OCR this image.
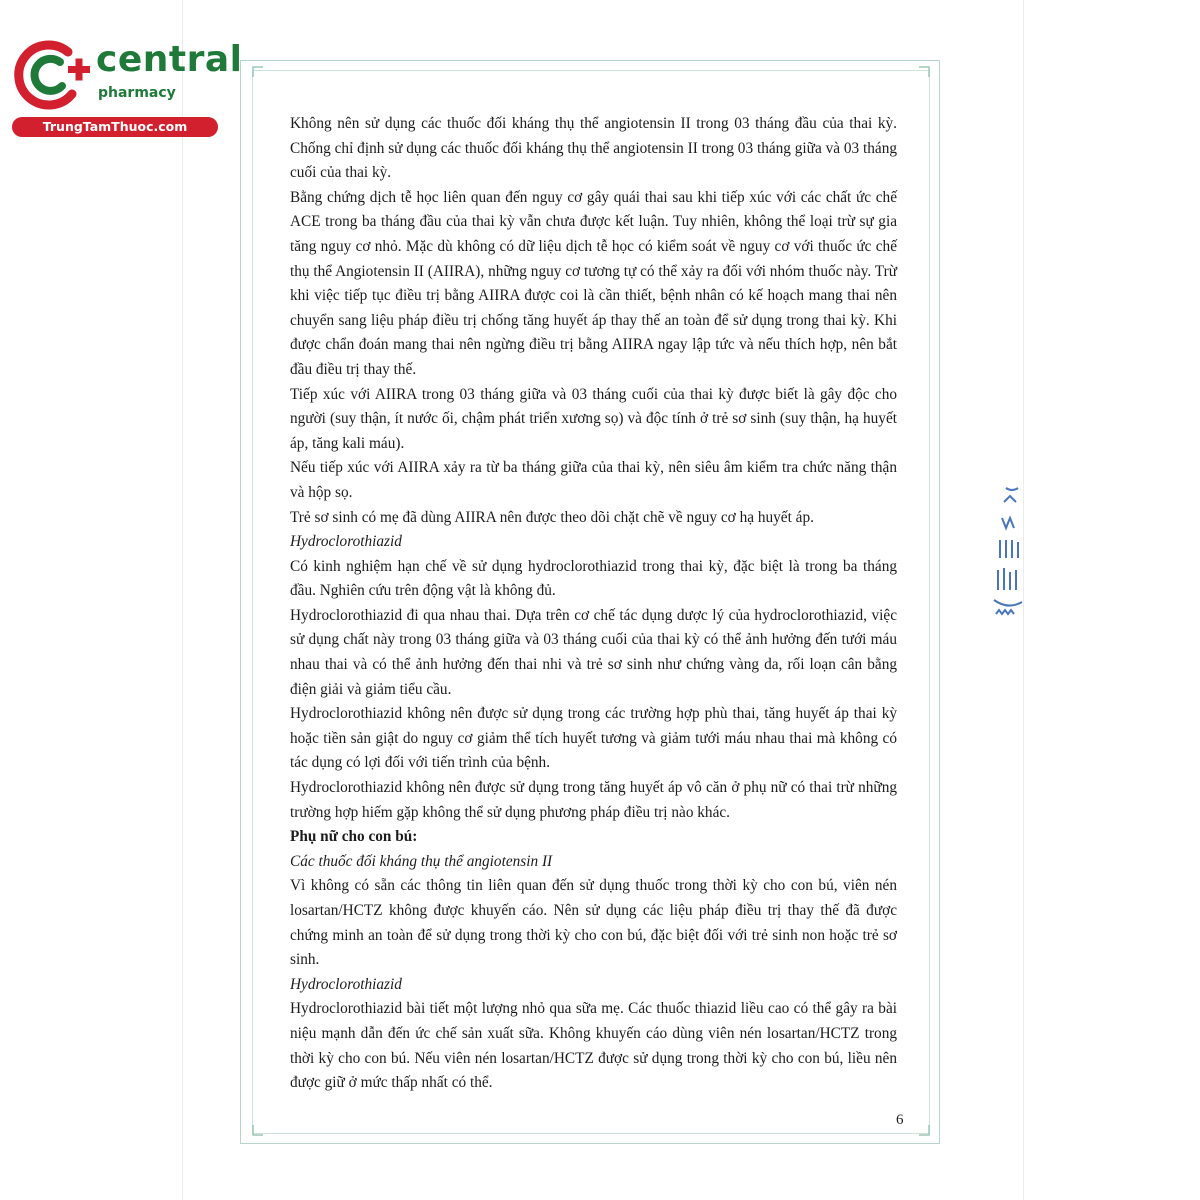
central
pharmacy
TrungTamThuoc.com	Không nên sử dụng các thuốc đối kháng thụ thể angiotensin II trong 03 tháng đầu của thai kỳ. Chống chỉ định sử dụng các thuốc đối kháng thụ thể angiotensin II trong 03 tháng giữa và 03 tháng cuối của thai kỳ.

Bằng chứng dịch tễ học liên quan đến nguy cơ gây quái thai sau khi tiếp xúc với các chất ức chế ACE trong ba tháng đầu của thai kỳ vẫn chưa được kết luận. Tuy nhiên, không thể loại trừ sự gia tăng nguy cơ nhỏ. Mặc dù không có dữ liệu dịch tễ học có kiểm soát về nguy cơ với thuốc ức chế thụ thể Angiotensin II (AIIRA), những nguy cơ tương tự có thể xảy ra đối với nhóm thuốc này. Trừ khi việc tiếp tục điều trị bằng AIIRA được coi là cần thiết, bệnh nhân có kế hoạch mang thai nên chuyển sang liệu pháp điều trị chống tăng huyết áp thay thế an toàn để sử dụng trong thai kỳ. Khi được chẩn đoán mang thai nên ngừng điều trị bằng AIIRA ngay lập tức và nếu thích hợp, nên bắt đầu điều trị thay thế.

Tiếp xúc với AIIRA trong 03 tháng giữa và 03 tháng cuối của thai kỳ được biết là gây độc cho người (suy thận, ít nước ối, chậm phát triển xương sọ) và độc tính ở trẻ sơ sinh (suy thận, hạ huyết áp, tăng kali máu).

Nếu tiếp xúc với AIIRA xảy ra từ ba tháng giữa của thai kỳ, nên siêu âm kiểm tra chức năng thận và hộp sọ.

Trẻ sơ sinh có mẹ đã dùng AIIRA nên được theo dõi chặt chẽ về nguy cơ hạ huyết áp.

Hydroclorothiazid

Có kinh nghiệm hạn chế về sử dụng hydroclorothiazid trong thai kỳ, đặc biệt là trong ba tháng đầu. Nghiên cứu trên động vật là không đủ.

Hydroclorothiazid đi qua nhau thai. Dựa trên cơ chế tác dụng dược lý của hydroclorothiazid, việc sử dụng chất này trong 03 tháng giữa và 03 tháng cuối của thai kỳ có thể ảnh hưởng đến tưới máu nhau thai và có thể ảnh hưởng đến thai nhi và trẻ sơ sinh như chứng vàng da, rối loạn cân bằng điện giải và giảm tiểu cầu.

Hydroclorothiazid không nên được sử dụng trong các trường hợp phù thai, tăng huyết áp thai kỳ hoặc tiền sản giật do nguy cơ giảm thể tích huyết tương và giảm tưới máu nhau thai mà không có tác dụng có lợi đối với tiến trình của bệnh.

Hydroclorothiazid không nên được sử dụng trong tăng huyết áp vô căn ở phụ nữ có thai trừ những trường hợp hiếm gặp không thể sử dụng phương pháp điều trị nào khác.

Phụ nữ cho con bú:

Các thuốc đối kháng thụ thể angiotensin II

Vì không có sẵn các thông tin liên quan đến sử dụng thuốc trong thời kỳ cho con bú, viên nén losartan/HCTZ không được khuyến cáo. Nên sử dụng các liệu pháp điều trị thay thế đã được chứng minh an toàn để sử dụng trong thời kỳ cho con bú, đặc biệt đối với trẻ sinh non hoặc trẻ sơ sinh.

Hydroclorothiazid

Hydroclorothiazid bài tiết một lượng nhỏ qua sữa mẹ. Các thuốc thiazid liều cao có thể gây ra bài niệu mạnh dẫn đến ức chế sản xuất sữa. Không khuyến cáo dùng viên nén losartan/HCTZ trong thời kỳ cho con bú. Nếu viên nén losartan/HCTZ được sử dụng trong thời kỳ cho con bú, liều nên được giữ ở mức thấp nhất có thể.

6
